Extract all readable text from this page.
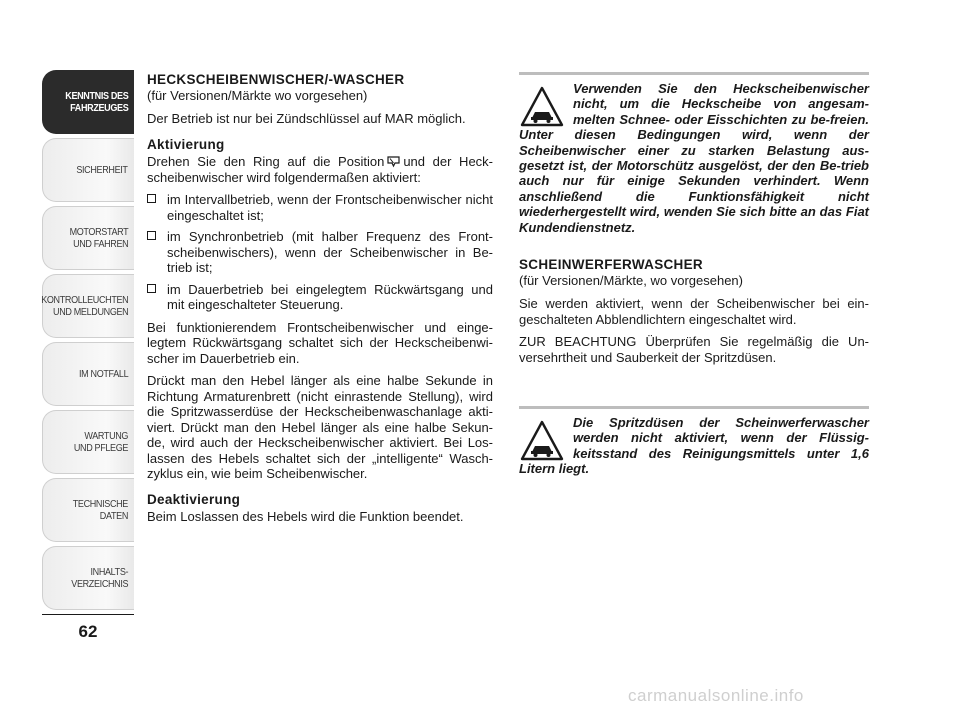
KENNTNIS DES
FAHRZEUGES
SICHERHEIT
MOTORSTART
UND FAHREN
KONTROLLEUCHTEN
UND MELDUNGEN
IM NOTFALL
WARTUNG
UND PFLEGE
TECHNISCHE DATEN
INHALTS-
VERZEICHNIS
62
HECKSCHEIBENWISCHER/-WASCHER

(für Versionen/Märkte wo vorgesehen)

Der Betrieb ist nur bei Zündschlüssel auf MAR möglich.

Aktivierung

Drehen Sie den Ring auf die Position und der Heck-scheibenwischer wird folgendermaßen aktiviert:

im Intervallbetrieb, wenn der Frontscheibenwischer nicht eingeschaltet ist;
im Synchronbetrieb (mit halber Frequenz des Front-scheibenwischers), wenn der Scheibenwischer in Be-trieb ist;
im Dauerbetrieb bei eingelegtem Rückwärtsgang und mit eingeschalteter Steuerung.

Bei funktionierendem Frontscheibenwischer und einge-legtem Rückwärtsgang schaltet sich der Heckscheibenwi-scher im Dauerbetrieb ein.

Drückt man den Hebel länger als eine halbe Sekunde in Richtung Armaturenbrett (nicht einrastende Stellung), wird die Spritzwasserdüse der Heckscheibenwaschanlage akti-viert. Drückt man den Hebel länger als eine halbe Sekun-de, wird auch der Heckscheibenwischer aktiviert. Bei Los-lassen des Hebels schaltet sich der „intelligente“ Wasch-zyklus ein, wie beim Scheibenwischer.

Deaktivierung

Beim Loslassen des Hebels wird die Funktion beendet.

Verwenden Sie den Heckscheibenwischer nicht, um die Heckscheibe von angesam-melten Schnee- oder Eisschichten zu be-freien. Unter diesen Bedingungen wird, wenn der Scheibenwischer einer zu starken Belastung aus-gesetzt ist, der Motorschütz ausgelöst, der den Be-trieb auch nur für einige Sekunden verhindert. Wenn anschließend die Funktionsfähigkeit nicht wiederhergestellt wird, wenden Sie sich bitte an das Fiat Kundendienstnetz.

SCHEINWERFERWASCHER

(für Versionen/Märkte, wo vorgesehen)

Sie werden aktiviert, wenn der Scheibenwischer bei ein-geschalteten Abblendlichtern eingeschaltet wird.

ZUR BEACHTUNG Überprüfen Sie regelmäßig die Un-versehrtheit und Sauberkeit der Spritzdüsen.

Die Spritzdüsen der Scheinwerferwascher werden nicht aktiviert, wenn der Flüssig-keitsstand des Reinigungsmittels unter 1,6 Litern liegt.

carmanualsonline.info
